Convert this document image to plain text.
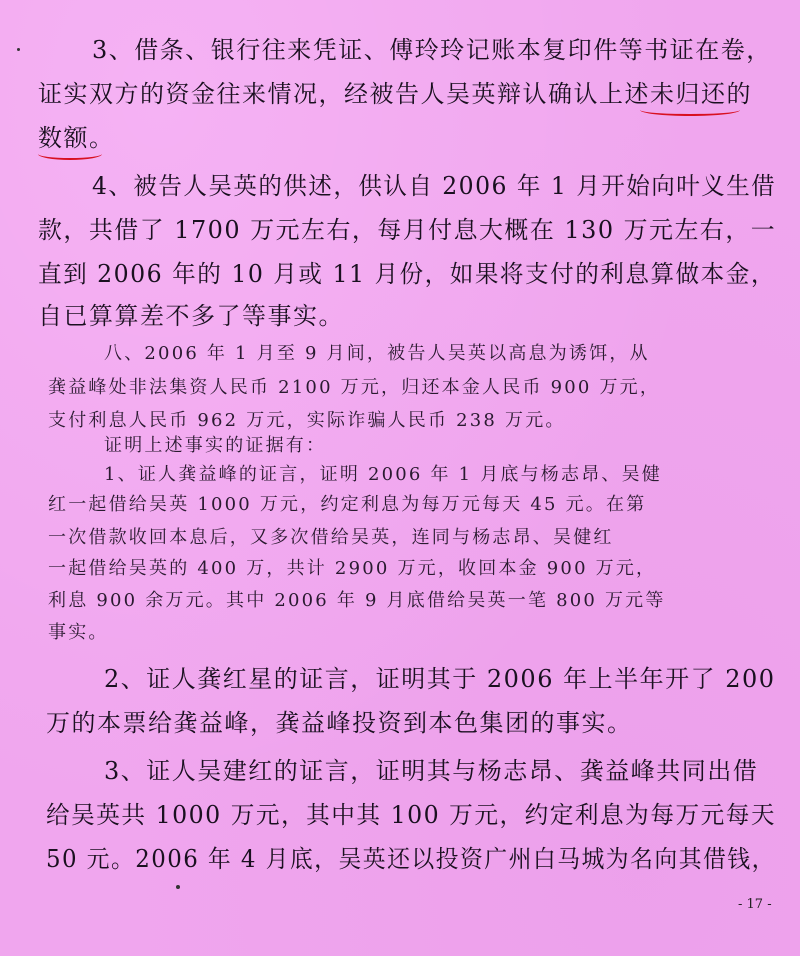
3、借条、银行往来凭证、傅玲玲记账本复印件等书证在卷，
证实双方的资金往来情况，经被告人吴英辩认确认上述未归还的
数额。
4、被告人吴英的供述，供认自 2006 年 1 月开始向叶义生借
款，共借了 1700 万元左右，每月付息大概在 130 万元左右，一
直到 2006 年的 10 月或 11 月份，如果将支付的利息算做本金，
自已算算差不多了等事实。
八、2006 年 1 月至 9 月间，被告人吴英以高息为诱饵，从
龚益峰处非法集资人民币 2100 万元，归还本金人民币 900 万元，
支付利息人民币 962 万元，实际诈骗人民币 238 万元。
证明上述事实的证据有：
1、证人龚益峰的证言，证明 2006 年 1 月底与杨志昂、吴健
红一起借给吴英 1000 万元，约定利息为每万元每天 45 元。在第
一次借款收回本息后，又多次借给吴英，连同与杨志昂、吴健红
一起借给吴英的 400 万，共计 2900 万元，收回本金 900 万元，
利息 900 余万元。其中 2006 年 9 月底借给吴英一笔 800 万元等
事实。
2、证人龚红星的证言，证明其于 2006 年上半年开了 200
万的本票给龚益峰，龚益峰投资到本色集团的事实。
3、证人吴建红的证言，证明其与杨志昂、龚益峰共同出借
给吴英共 1000 万元，其中其 100 万元，约定利息为每万元每天
50 元。2006 年 4 月底，吴英还以投资广州白马城为名向其借钱，
- 17 -
